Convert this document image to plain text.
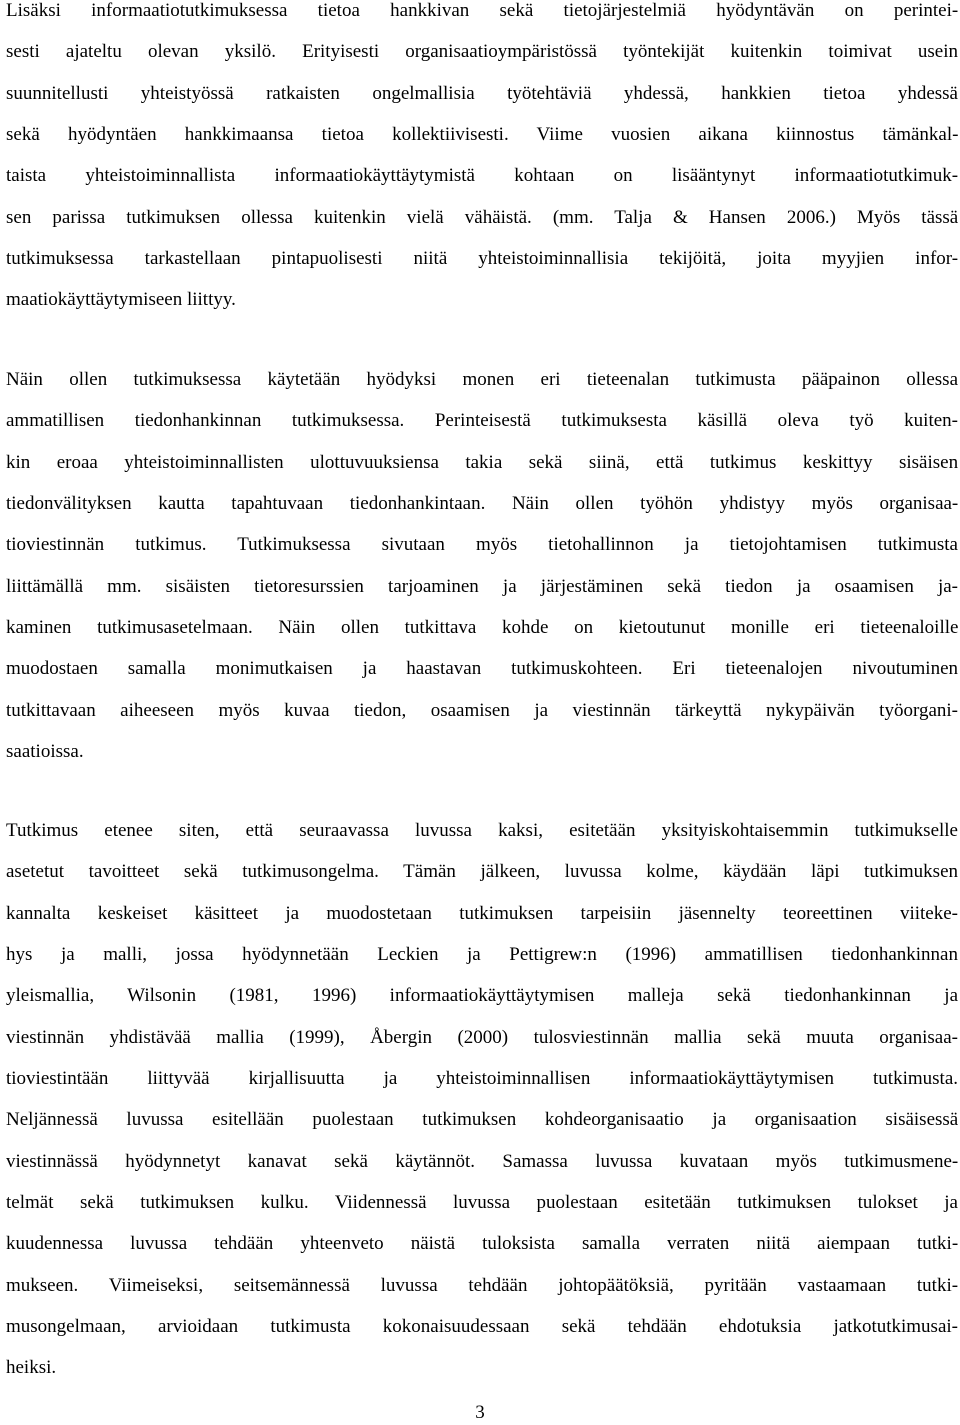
Lisäksi informaatiotutkimuksessa tietoa hankkivan sekä tietojärjestelmiä hyödyntävän on perintei-
sesti ajateltu olevan yksilö. Erityisesti organisaatioympäristössä työntekijät kuitenkin toimivat usein
suunnitellusti yhteistyössä ratkaisten ongelmallisia työtehtäviä yhdessä, hankkien tietoa yhdessä
sekä hyödyntäen hankkimaansa tietoa kollektiivisesti. Viime vuosien aikana kiinnostus tämänkal-
taista yhteistoiminnallista informaatiokäyttäytymistä kohtaan on lisääntynyt informaatiotutkimuk-
sen parissa tutkimuksen ollessa kuitenkin vielä vähäistä. (mm. Talja & Hansen 2006.) Myös tässä
tutkimuksessa tarkastellaan pintapuolisesti niitä yhteistoiminnallisia tekijöitä, joita myyjien infor-
maatiokäyttäytymiseen liittyy.
Näin ollen tutkimuksessa käytetään hyödyksi monen eri tieteenalan tutkimusta pääpainon ollessa
ammatillisen tiedonhankinnan tutkimuksessa. Perinteisestä tutkimuksesta käsillä oleva työ kuiten-
kin eroaa yhteistoiminnallisten ulottuvuuksiensa takia sekä siinä, että tutkimus keskittyy sisäisen
tiedonvälityksen kautta tapahtuvaan tiedonhankintaan. Näin ollen työhön yhdistyy myös organisaa-
tioviestinnän tutkimus. Tutkimuksessa sivutaan myös tietohallinnon ja tietojohtamisen tutkimusta
liittämällä mm. sisäisten tietoresurssien tarjoaminen ja järjestäminen sekä tiedon ja osaamisen ja-
kaminen tutkimusasetelmaan. Näin ollen tutkittava kohde on kietoutunut monille eri tieteenaloille
muodostaen samalla monimutkaisen ja haastavan tutkimuskohteen. Eri tieteenalojen nivoutuminen
tutkittavaan aiheeseen myös kuvaa tiedon, osaamisen ja viestinnän tärkeyttä nykypäivän työorgani-
saatioissa.
Tutkimus etenee siten, että seuraavassa luvussa kaksi, esitetään yksityiskohtaisemmin tutkimukselle
asetetut tavoitteet sekä tutkimusongelma. Tämän jälkeen, luvussa kolme, käydään läpi tutkimuksen
kannalta keskeiset käsitteet ja muodostetaan tutkimuksen tarpeisiin jäsennelty teoreettinen viiteke-
hys ja malli, jossa hyödynnetään Leckien ja Pettigrew:n (1996) ammatillisen tiedonhankinnan
yleismallia, Wilsonin (1981, 1996) informaatiokäyttäytymisen malleja sekä tiedonhankinnan ja
viestinnän yhdistävää mallia (1999), Åbergin (2000) tulosviestinnän mallia sekä muuta organisaa-
tioviestintään liittyvää kirjallisuutta ja yhteistoiminnallisen informaatiokäyttäytymisen tutkimusta.
Neljännessä luvussa esitellään puolestaan tutkimuksen kohdeorganisaatio ja organisaation sisäisessä
viestinnässä hyödynnetyt kanavat sekä käytännöt. Samassa luvussa kuvataan myös tutkimusmene-
telmät sekä tutkimuksen kulku. Viidennessä luvussa puolestaan esitetään tutkimuksen tulokset ja
kuudennessa luvussa tehdään yhteenveto näistä tuloksista samalla verraten niitä aiempaan tutki-
mukseen. Viimeiseksi, seitsemännessä luvussa tehdään johtopäätöksiä, pyritään vastaamaan tutki-
musongelmaan, arvioidaan tutkimusta kokonaisuudessaan sekä tehdään ehdotuksia jatkotutkimusai-
heiksi.
3
